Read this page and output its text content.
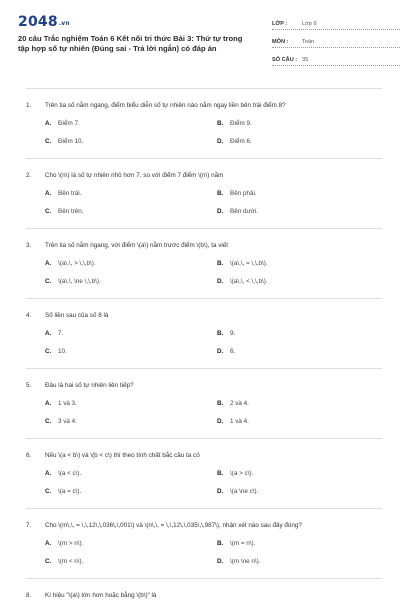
2048.vn
20 câu Trắc nghiệm Toán 6 Kết nối tri thức Bài 3: Thứ tự trong tập hợp số tự nhiên (Đúng sai - Trả lời ngắn) có đáp án
LỚP :	Lớp 6
MÔN :	Toán
SỐ CÂU : 35
1.	Trên tia số nằm ngang, điểm biểu diễn số tự nhiên nào nằm ngay liền bên trái điểm 8?
A.	Điểm 7.	B.	Điểm 9.
C.	Điểm 10.	D.	Điểm 6.
2.	Cho \(n\) là số tự nhiên nhỏ hơn 7, so với điểm 7 điểm \(n\) nằm
A.	Bên trái.	B.	Bên phải.
C.	Bên trên.	D.	Bên dưới.
3.	Trên tia số nằm ngang, với điểm \(a\) nằm trước điểm \(b\), ta viết
A.	\(a\,\, > \,\,b\).	B.	\(a\,\, = \,\,b\).
C.	\(a\,\, \ne \,\,b\).	D.	\(a\,\, < \,\,b\).
4.	Số liền sau của số 8 là
A.	7.	B.	9.
C.	10.	D.	6.
5.	Đâu là hai số tự nhiên liên tiếp?
A.	1 và 3.	B.	2 và 4.
C.	3 và 4.	D.	1 và 4.
6.	Nếu \(a < b\) và \(b < c\) thì theo tính chất bắc cầu ta có
A.	\(a < c\).	B.	\(a > c\).
C.	\(a = c\).	D.	\(a \ne c\).
7.	Cho \(m\,\, = \,\,12\,\,036\,\,001\) và \(n\,\, = \,\,12\,\,035\,\,987\), nhận xét nào sau đây đúng?
A.	\(m > n\).	B.	\(m = n\).
C.	\(m < n\).	D.	\(m \ne n\).
8.	Kí hiệu "\(a\) lớn hơn hoặc bằng \(b\)" là
